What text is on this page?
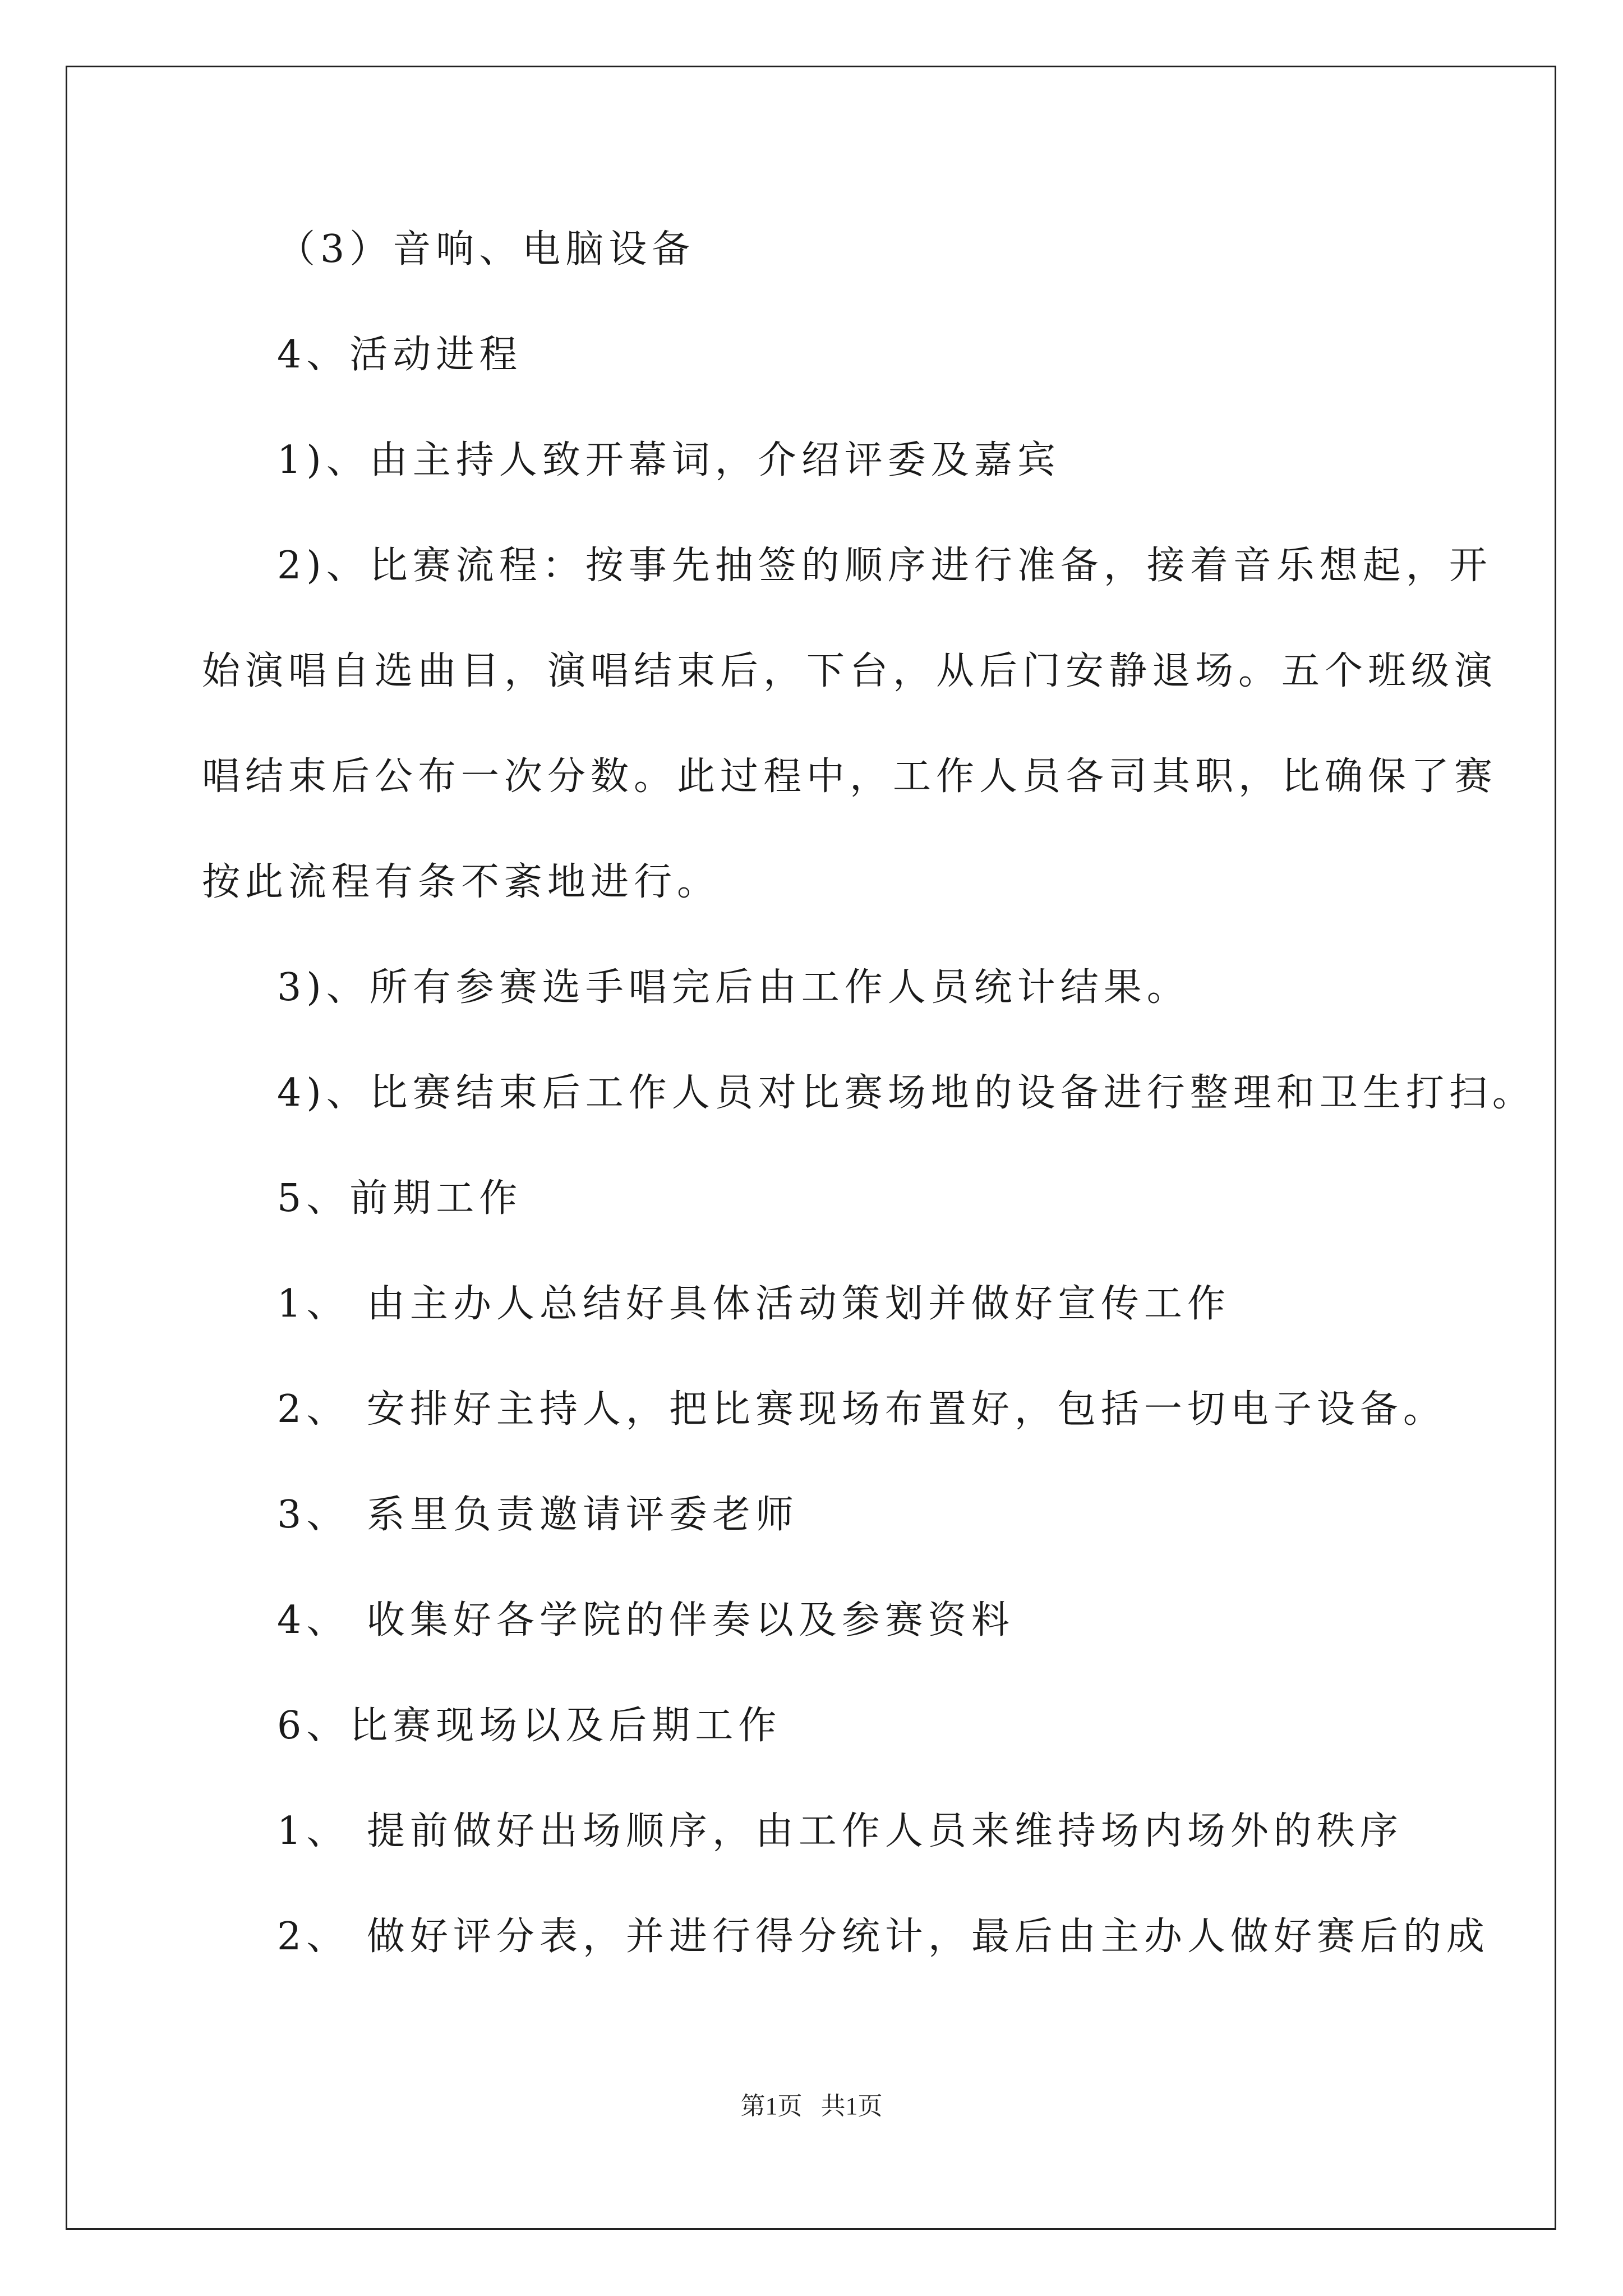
（3）音响、电脑设备
4、活动进程
1)、由主持人致开幕词，介绍评委及嘉宾
2)、比赛流程：按事先抽签的顺序进行准备，接着音乐想起，开
始演唱自选曲目，演唱结束后，下台，从后门安静退场。五个班级演
唱结束后公布一次分数。此过程中，工作人员各司其职，比确保了赛
按此流程有条不紊地进行。
3)、所有参赛选手唱完后由工作人员统计结果。
4)、比赛结束后工作人员对比赛场地的设备进行整理和卫生打扫。
5、前期工作
1、 由主办人总结好具体活动策划并做好宣传工作
2、 安排好主持人，把比赛现场布置好，包括一切电子设备。
3、 系里负责邀请评委老师
4、 收集好各学院的伴奏以及参赛资料
6、比赛现场以及后期工作
1、 提前做好出场顺序，由工作人员来维持场内场外的秩序
2、 做好评分表，并进行得分统计，最后由主办人做好赛后的成
第1页   共1页
